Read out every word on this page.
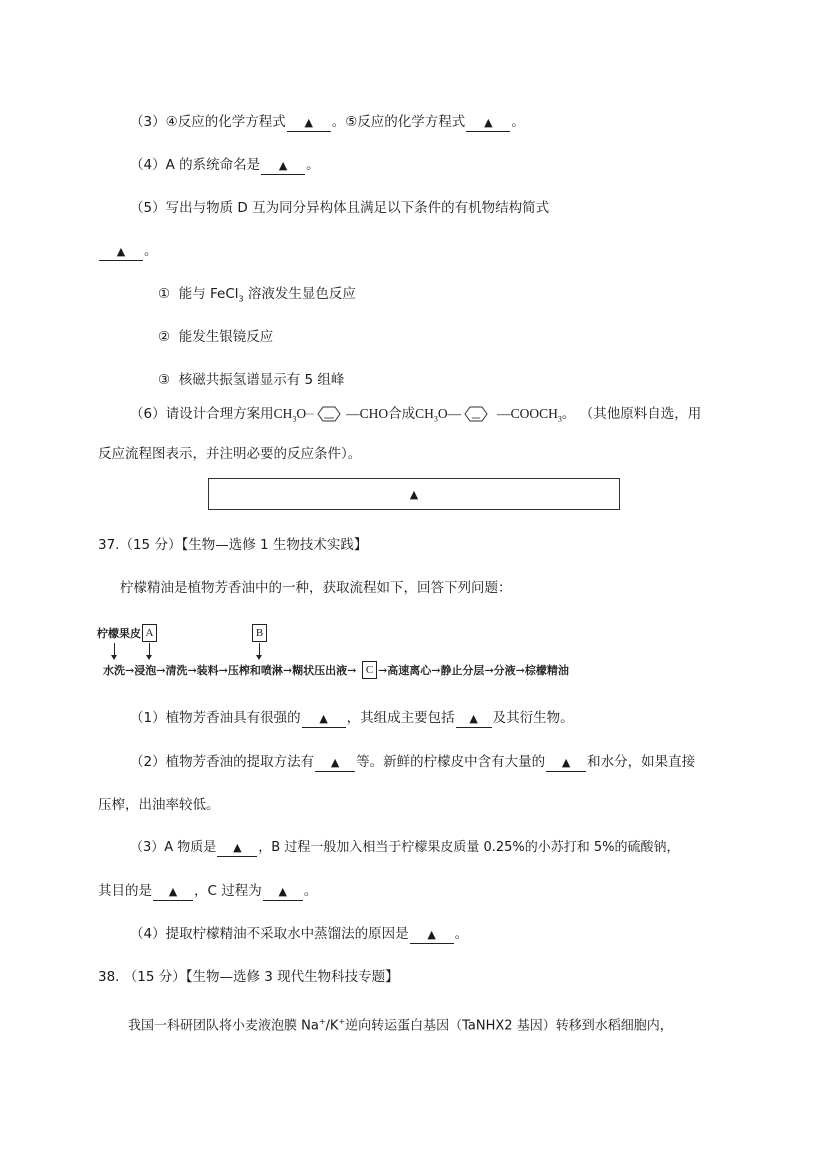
（3）④反应的化学方程式 ▲ 。⑤反应的化学方程式 ▲ 。
（4）A 的系统命名是 ▲ 。
（5）写出与物质 D 互为同分异构体且满足以下条件的有机物结构简式
▲ 。
① 能与 FeCl$_3$ 溶液发生显色反应
② 能发生银镜反应
③ 核磁共振氢谱显示有 5 组峰
（6）请设计合理方案用$CH_3O$	—CHO合成$CH_3O—$	$—COOCH_3$。 （其他原料自选，用
反应流程图表示，并注明必要的反应条件）。
▲
37.（15 分）【生物—选修 1 生物技术实践】
柠檬精油是植物芳香油中的一种，获取流程如下，回答下列问题：
柠檬果皮 A	B
水洗→浸泡→清洗→装料→压榨和喷淋→糊状压出液→ C →高速离心→静止分层→分液→棕檬精油
（1）植物芳香油具有很强的 ▲ ，其组成主要包括 ▲ 及其衍生物。
（2）植物芳香油的提取方法有 ▲ 等。新鲜的柠檬皮中含有大量的 ▲ 和水分，如果直接
压榨，出油率较低。
（3）A 物质是 ▲ ，B 过程一般加入相当于柠檬果皮质量 0.25%的小苏打和 5%的硫酸钠，
其目的是 ▲ ，C 过程为 ▲ 。
（4）提取柠檬精油不采取水中蒸馏法的原因是 ▲ 。
38. （15 分）【生物—选修 3 现代生物科技专题】
我国一科研团队将小麦液泡膜 Na+/K+逆向转运蛋白基因（TaNHX2 基因）转移到水稻细胞内，
